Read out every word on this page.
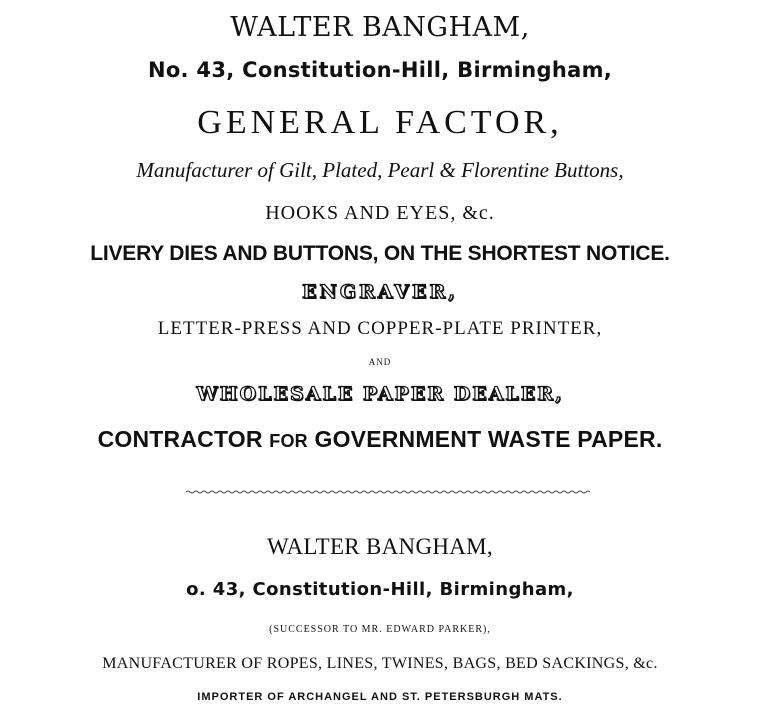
WALTER BANGHAM,
No. 43, Constitution-Hill, Birmingham,
GENERAL FACTOR,
Manufacturer of Gilt, Plated, Pearl & Florentine Buttons,
HOOKS AND EYES, &c.
LIVERY DIES AND BUTTONS, ON THE SHORTEST NOTICE.
ENGRAVER,
LETTER-PRESS AND COPPER-PLATE PRINTER,
AND
WHOLESALE PAPER DEALER,
CONTRACTOR FOR GOVERNMENT WASTE PAPER.
WALTER BANGHAM,
o. 43, Constitution-Hill, Birmingham,
(SUCCESSOR TO MR. EDWARD PARKER),
MANUFACTURER OF ROPES, LINES, TWINES, BAGS, BED SACKINGS, &c.
IMPORTER OF ARCHANGEL AND ST. PETERSBURGH MATS.
